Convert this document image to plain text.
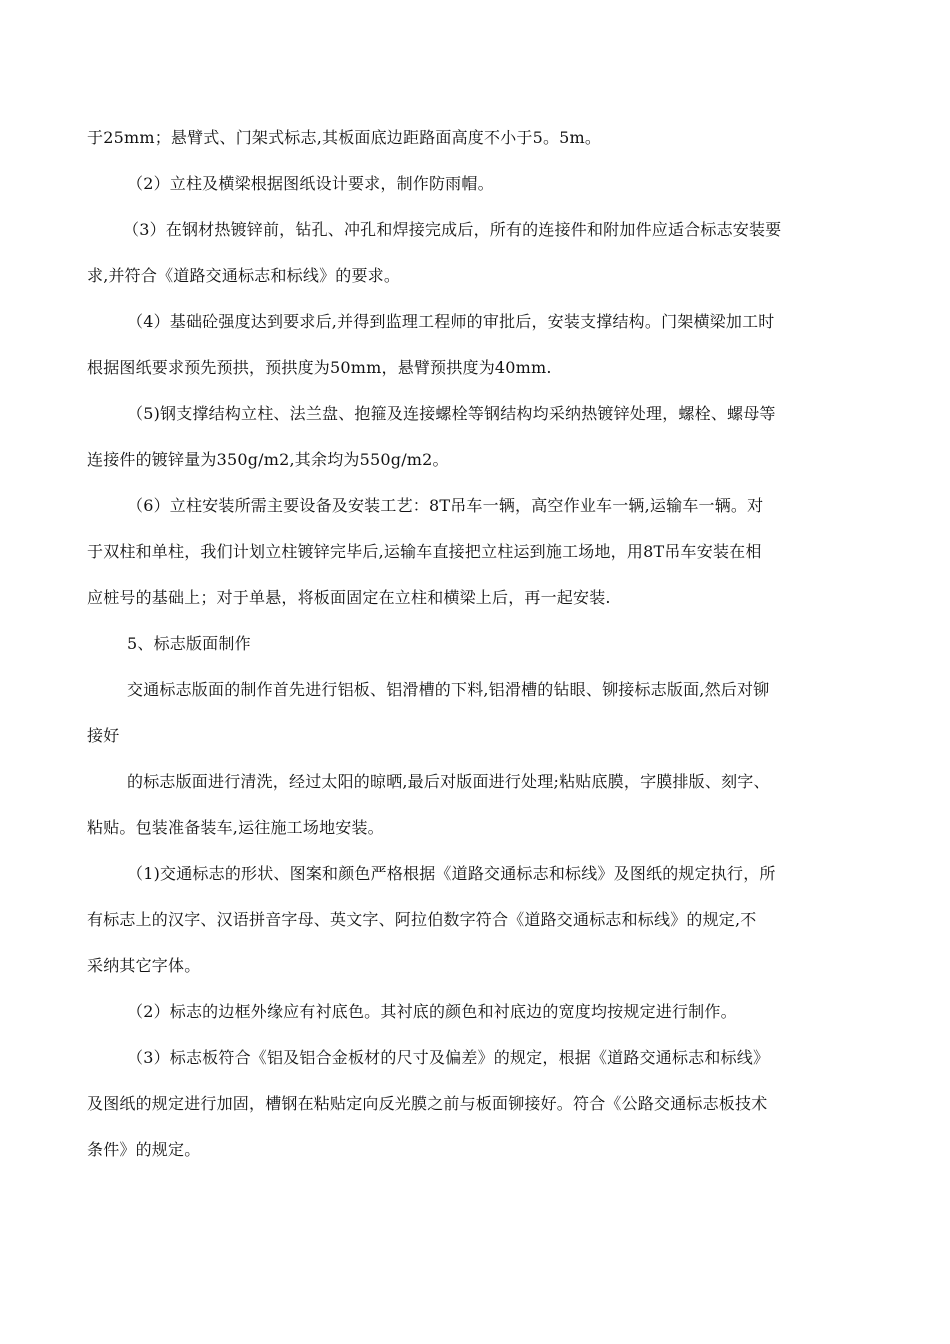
于25mm；悬臂式、门架式标志,其板面底边距路面高度不小于5。5m。
（2）立柱及横梁根据图纸设计要求，制作防雨帽。
（3）在钢材热镀锌前，钻孔、冲孔和焊接完成后，所有的连接件和附加件应适合标志安装要
求,并符合《道路交通标志和标线》的要求。
（4）基础砼强度达到要求后,并得到监理工程师的审批后，安装支撑结构。门架横梁加工时
根据图纸要求预先预拱，预拱度为50mm，悬臂预拱度为40mm.
（5)钢支撑结构立柱、法兰盘、抱箍及连接螺栓等钢结构均采纳热镀锌处理，螺栓、螺母等
连接件的镀锌量为350g/m2,其余均为550g/m2。
（6）立柱安装所需主要设备及安装工艺：8T吊车一辆，高空作业车一辆,运输车一辆。对
于双柱和单柱，我们计划立柱镀锌完毕后,运输车直接把立柱运到施工场地，用8T吊车安装在相
应桩号的基础上；对于单悬，将板面固定在立柱和横梁上后，再一起安装.
5、标志版面制作
交通标志版面的制作首先进行铝板、铝滑槽的下料,铝滑槽的钻眼、铆接标志版面,然后对铆
接好
的标志版面进行清洗，经过太阳的晾晒,最后对版面进行处理;粘贴底膜，字膜排版、刻字、
粘贴。包装准备装车,运往施工场地安装。
（1)交通标志的形状、图案和颜色严格根据《道路交通标志和标线》及图纸的规定执行，所
有标志上的汉字、汉语拼音字母、英文字、阿拉伯数字符合《道路交通标志和标线》的规定,不
采纳其它字体。
（2）标志的边框外缘应有衬底色。其衬底的颜色和衬底边的宽度均按规定进行制作。
（3）标志板符合《铝及铝合金板材的尺寸及偏差》的规定，根据《道路交通标志和标线》
及图纸的规定进行加固，槽钢在粘贴定向反光膜之前与板面铆接好。符合《公路交通标志板技术
条件》的规定。
